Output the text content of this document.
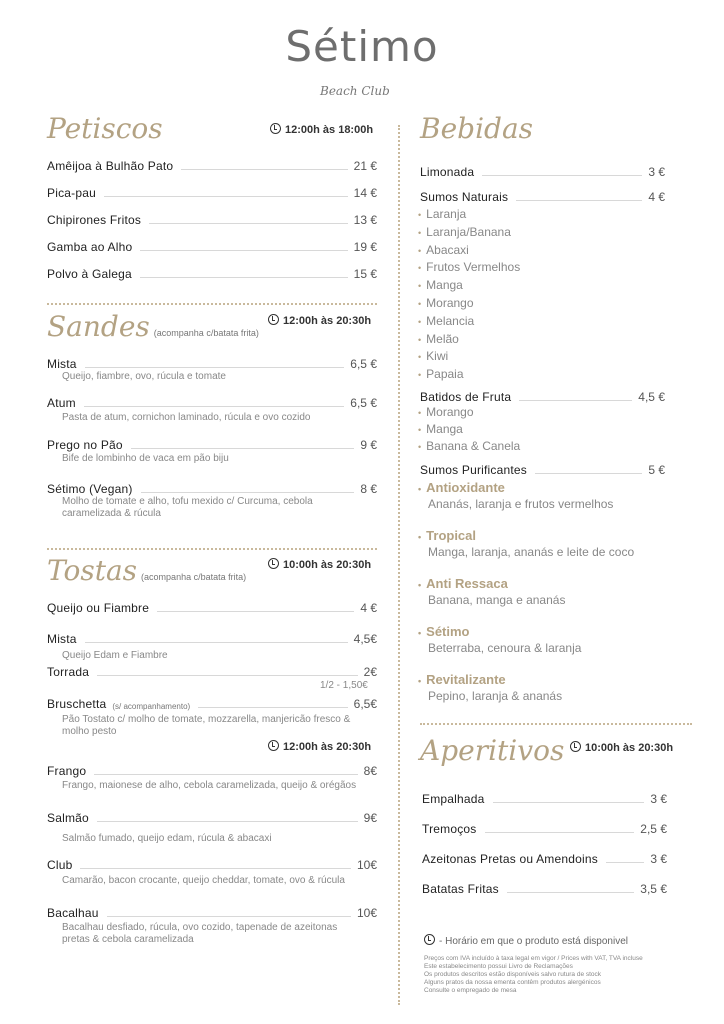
Sétimo
Beach Club
Petiscos	12:00h às 18:00h
Amêijoa à Bulhão Pato	21 €
Pica-pau	14 €
Chipirones Fritos	13 €
Gamba ao Alho	19 €
Polvo à Galega	15 €
Sandes (acompanha c/batata frita)
12:00h às 20:30h
Mista	6,5 €
Queijo, fiambre, ovo, rúcula e tomate
Atum	6,5 €
Pasta de atum, cornichon laminado, rúcula e ovo cozido
Prego no Pão	9 €
Bife de lombinho de vaca em pão biju
Sétimo (Vegan)	8 €
Molho de tomate e alho, tofu mexido c/ Curcuma, cebola caramelizada & rúcula
Tostas (acompanha c/batata frita)
10:00h às 20:30h
Queijo ou Fiambre	4 €
Mista	4,5€
Queijo Edam e Fiambre
Torrada	2€
1/2 - 1,50€
Bruschetta (s/ acompanhamento)	6,5€
Pão Tostato c/ molho de tomate, mozzarella, manjericão fresco & molho pesto
12:00h às 20:30h
Frango	8€
Frango, maionese de alho, cebola caramelizada, queijo & orégãos
Salmão	9€
Salmão fumado, queijo edam, rúcula & abacaxi
Club	10€
Camarão, bacon crocante, queijo cheddar, tomate, ovo & rúcula
Bacalhau	10€
Bacalhau desfiado, rúcula, ovo cozido, tapenade de azeitonas pretas & cebola caramelizada
Bebidas
Limonada	3 €
Sumos Naturais	4 €
• Laranja
• Laranja/Banana
• Abacaxi
• Frutos Vermelhos
• Manga
• Morango
• Melancia
• Melão
• Kiwi
• Papaia
Batidos de Fruta	4,5 €
• Morango
• Manga
• Banana & Canela
Sumos Purificantes	5 €
• Antioxidante
Ananás, laranja e frutos vermelhos
• Tropical
Manga, laranja, ananás e leite de coco
• Anti Ressaca
Banana, manga e ananás
• Sétimo
Beterraba, cenoura & laranja
• Revitalizante
Pepino, laranja & ananás
Aperitivos	10:00h às 20:30h
Empalhada	3 €
Tremoços	2,5 €
Azeitonas Pretas ou Amendoins	3 €
Batatas Fritas	3,5 €
- Horário em que o produto está disponivel
Preços com IVA incluído à taxa legal em vigor / Prices with VAT, TVA incluse
Este estabelecimento possui Livro de Reclamações
Os produtos descritos estão disponíveis salvo rutura de stock
Alguns pratos da nossa ementa contêm produtos alergénicos
Consulte o empregado de mesa
